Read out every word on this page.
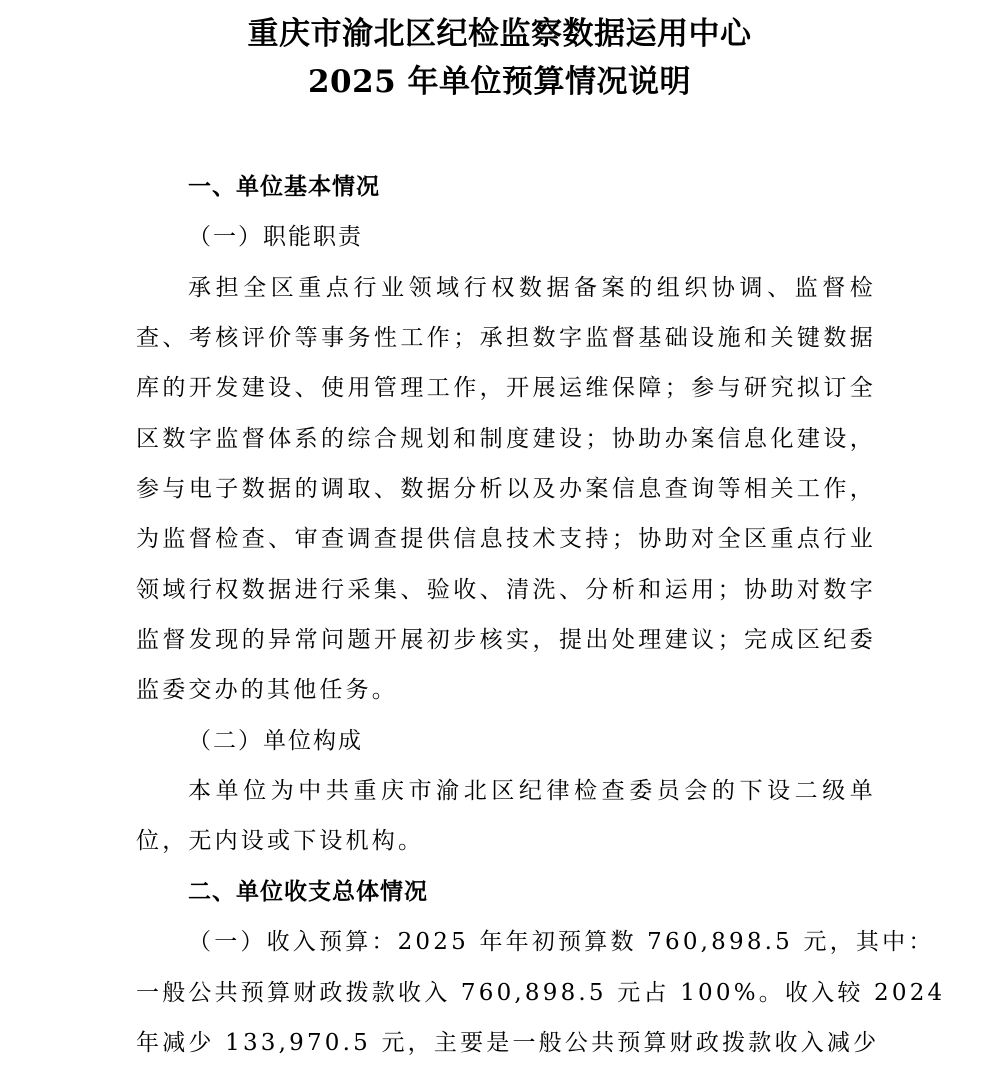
重庆市渝北区纪检监察数据运用中心
2025 年单位预算情况说明
一、单位基本情况
（一）职能职责
承担全区重点行业领域行权数据备案的组织协调、监督检
查、考核评价等事务性工作；承担数字监督基础设施和关键数据
库的开发建设、使用管理工作，开展运维保障；参与研究拟订全
区数字监督体系的综合规划和制度建设；协助办案信息化建设，
参与电子数据的调取、数据分析以及办案信息查询等相关工作，
为监督检查、审查调查提供信息技术支持；协助对全区重点行业
领域行权数据进行采集、验收、清洗、分析和运用；协助对数字
监督发现的异常问题开展初步核实，提出处理建议；完成区纪委
监委交办的其他任务。
（二）单位构成
本单位为中共重庆市渝北区纪律检查委员会的下设二级单
位，无内设或下设机构。
二、单位收支总体情况
（一）收入预算：2025 年年初预算数 760,898.5 元，其中：
一般公共预算财政拨款收入 760,898.5 元占 100%。收入较 2024
年减少 133,970.5 元，主要是一般公共预算财政拨款收入减少
